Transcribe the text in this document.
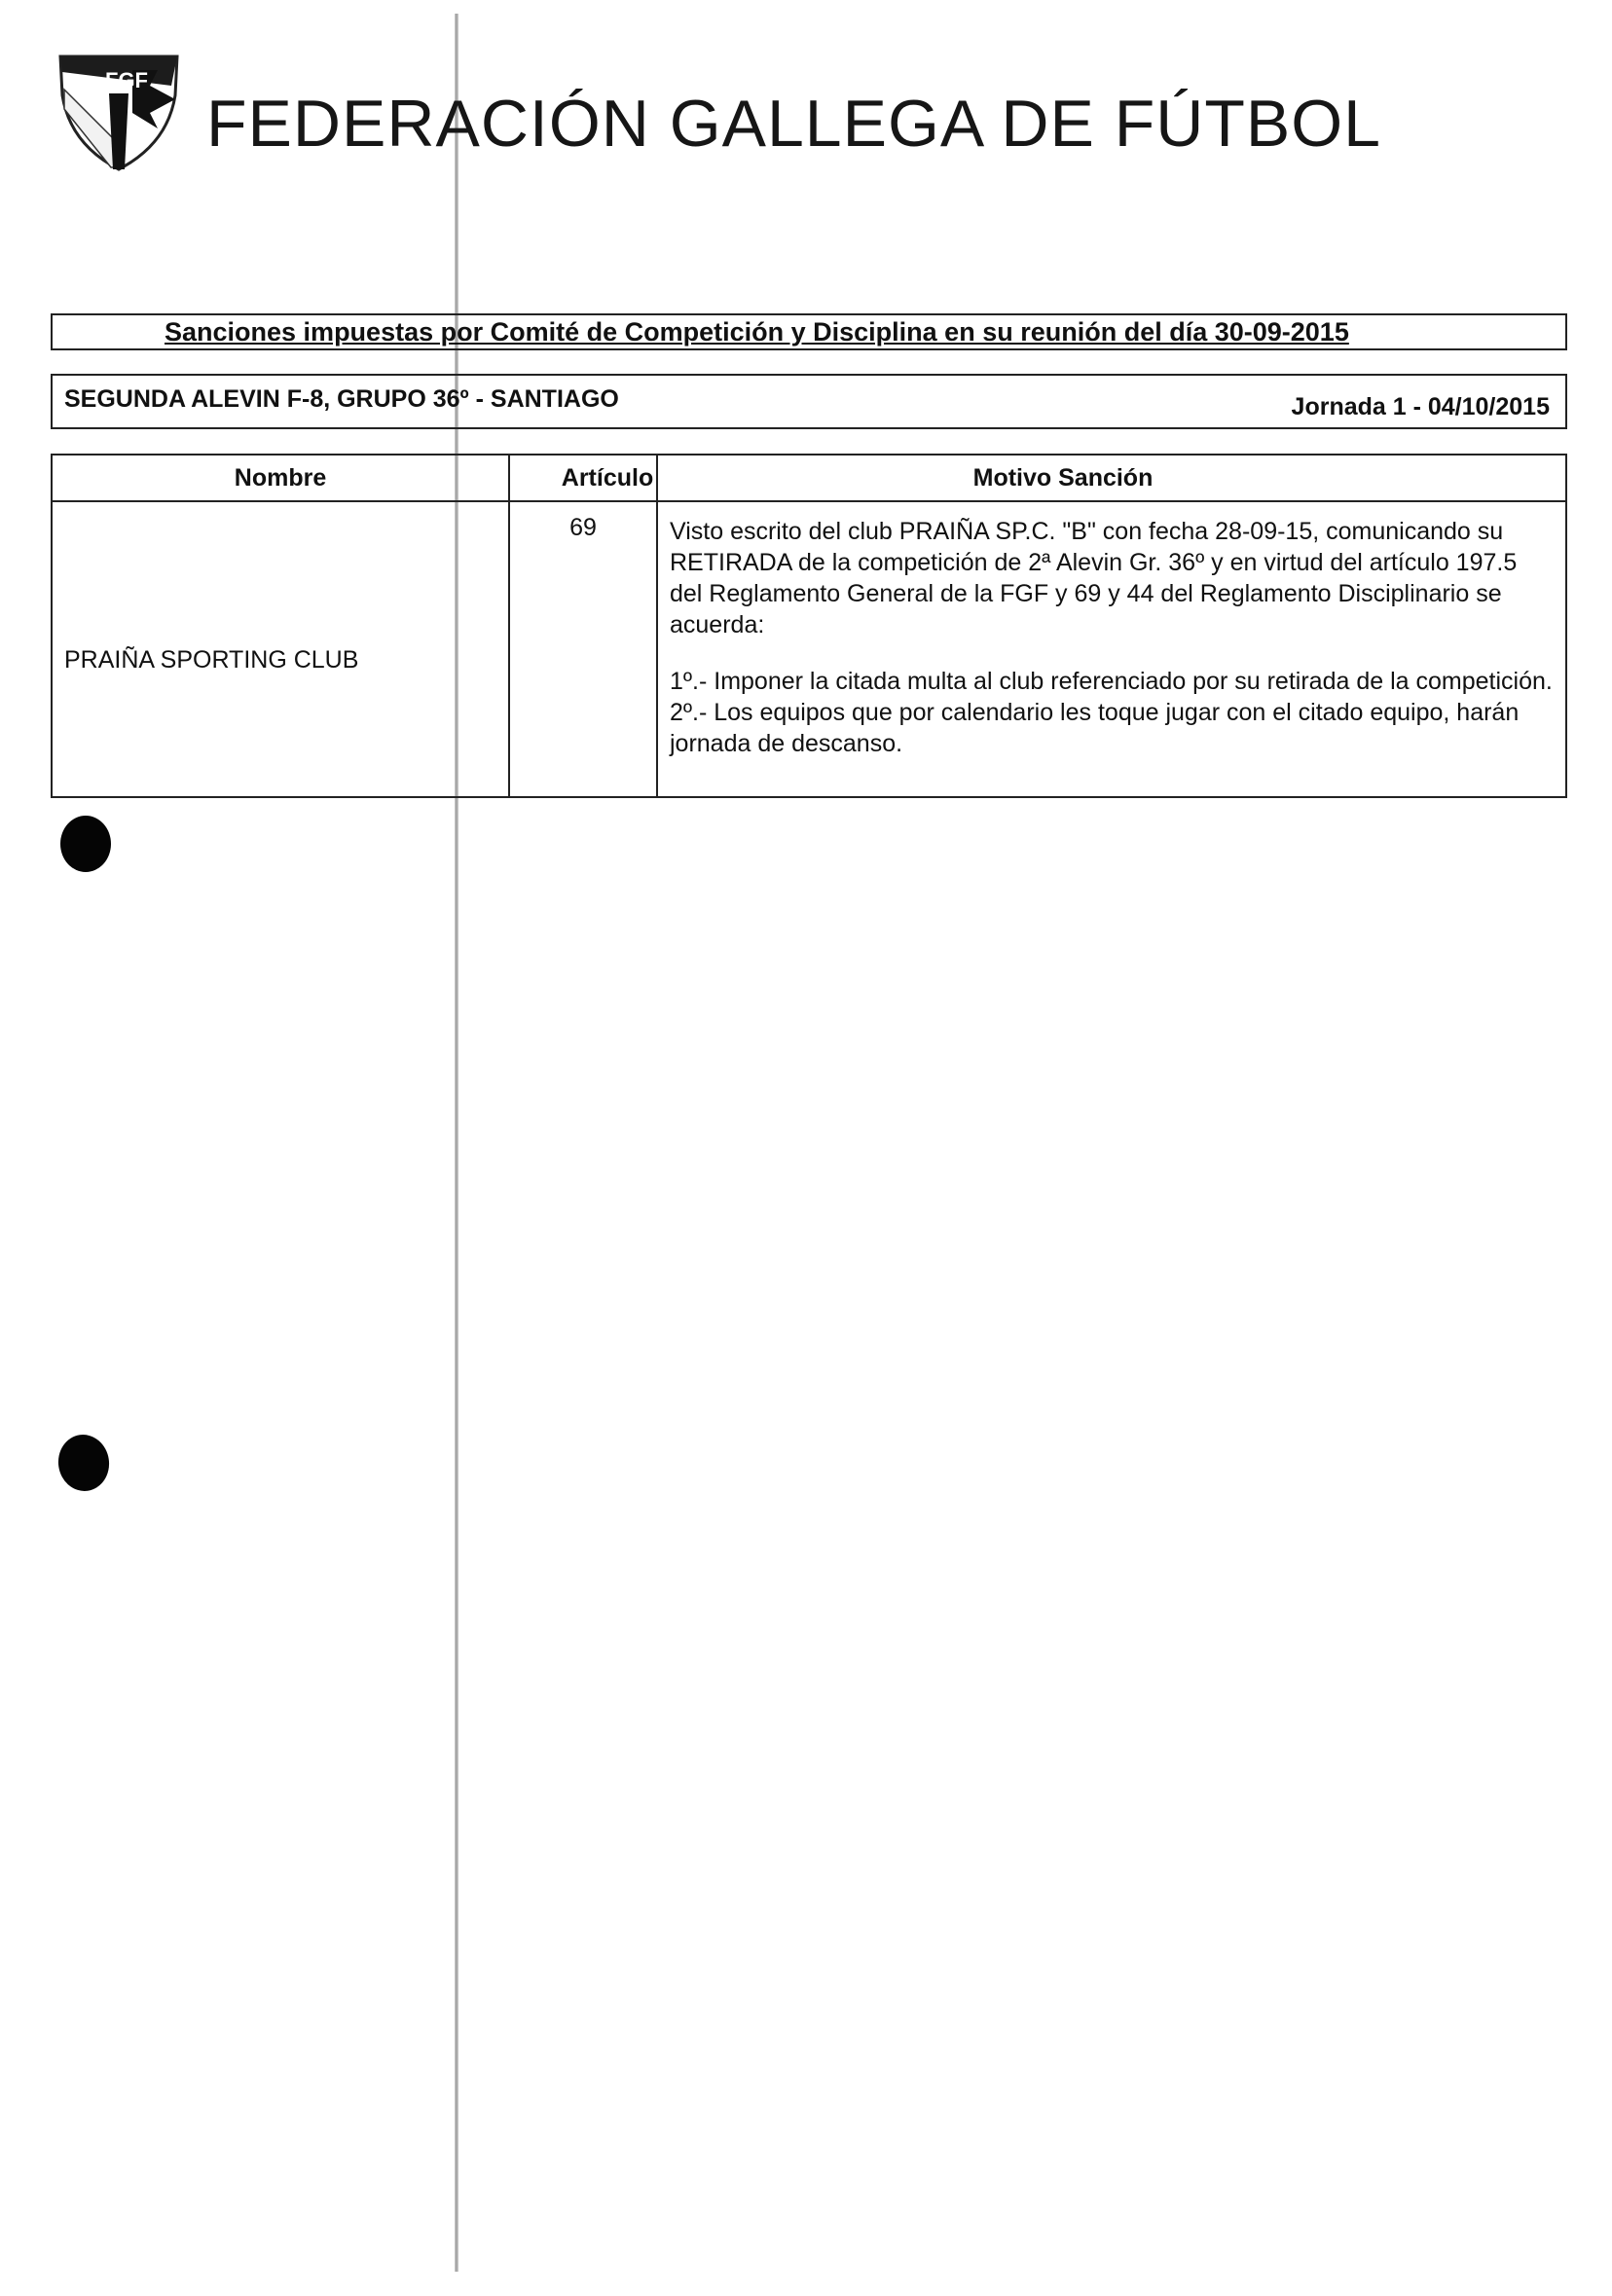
FGF
FEDERACIÓN GALLEGA DE FÚTBOL
Sanciones impuestas por Comité de Competición y Disciplina en su reunión del día 30-09-2015
SEGUNDA ALEVIN F-8, GRUPO 36º - SANTIAGO	Jornada 1 - 04/10/2015
Nombre	Artículo	Motivo Sanción
PRAIÑA SPORTING CLUB	69	Visto escrito del club PRAIÑA SP.C. "B" con fecha 28-09-15, comunicando su RETIRADA de la competición de 2ª Alevin Gr. 36º y en virtud del artículo 197.5 del Reglamento General de la FGF y 69 y 44 del Reglamento Disciplinario se acuerda:
1º.- Imponer la citada multa al club referenciado por su retirada de la competición.
2º.- Los equipos que por calendario les toque jugar con el citado equipo, harán jornada de descanso.
